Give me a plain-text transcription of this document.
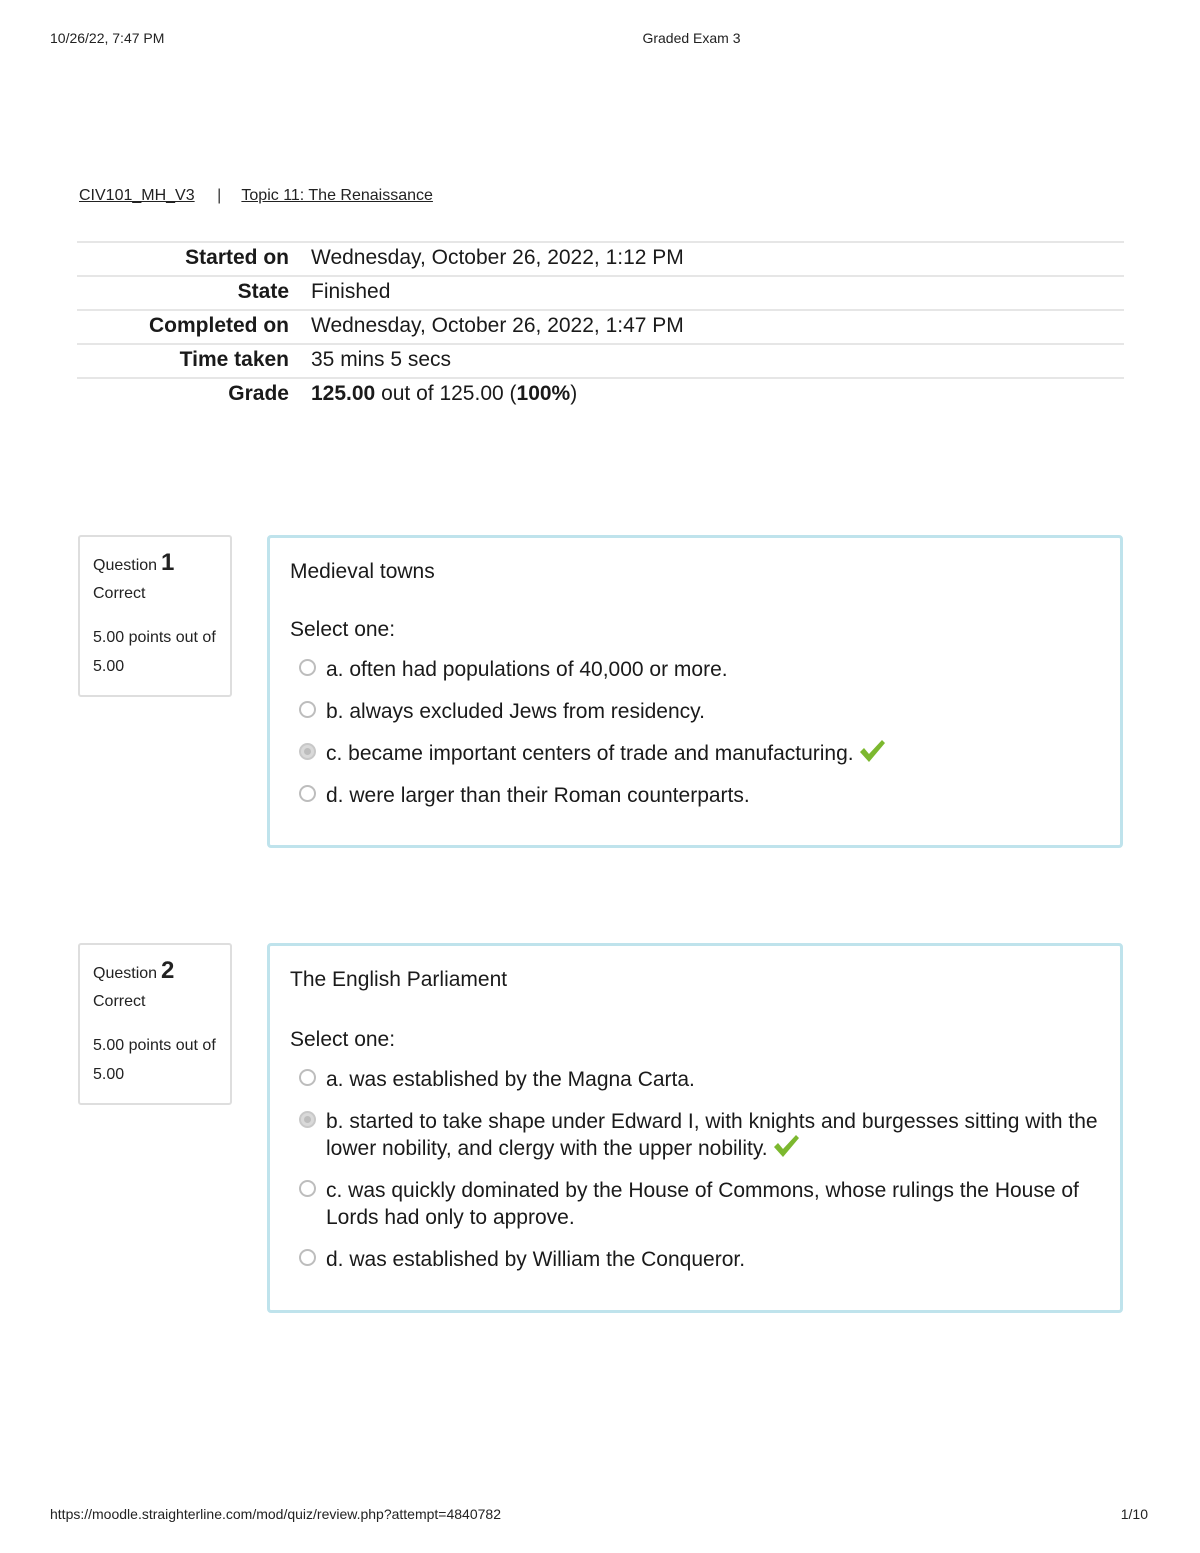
10/26/22, 7:47 PM	Graded Exam 3
CIV101_MH_V3 | Topic 11: The Renaissance
Started on	Wednesday, October 26, 2022, 1:12 PM
State	Finished
Completed on	Wednesday, October 26, 2022, 1:47 PM
Time taken	35 mins 5 secs
Grade	125.00 out of 125.00 (100%)
Question 1
Correct
5.00 points out of 5.00
Medieval towns
Select one:
a. often had populations of 40,000 or more.
b. always excluded Jews from residency.
c. became important centers of trade and manufacturing.
d. were larger than their Roman counterparts.
Question 2
Correct
5.00 points out of 5.00
The English Parliament
Select one:
a. was established by the Magna Carta.
b. started to take shape under Edward I, with knights and burgesses sitting with the lower nobility, and clergy with the upper nobility.
c. was quickly dominated by the House of Commons, whose rulings the House of Lords had only to approve.
d. was established by William the Conqueror.
https://moodle.straighterline.com/mod/quiz/review.php?attempt=4840782	1/10
